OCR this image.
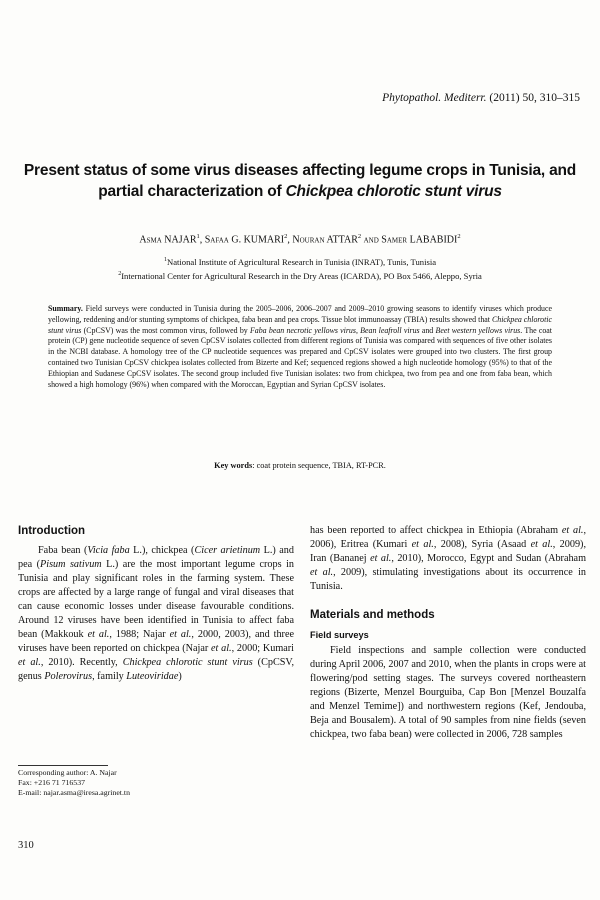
Phytopathol. Mediterr. (2011) 50, 310–315
Present status of some virus diseases affecting legume crops in Tunisia, and partial characterization of Chickpea chlorotic stunt virus
Asma NAJAR$^1$, Safaa G. KUMARI$^2$, Nouran ATTAR$^2$ and Samer LABABIDI$^2$
$^1$National Institute of Agricultural Research in Tunisia (INRAT), Tunis, Tunisia
$^2$International Center for Agricultural Research in the Dry Areas (ICARDA), PO Box 5466, Aleppo, Syria
Summary. Field surveys were conducted in Tunisia during the 2005–2006, 2006–2007 and 2009–2010 growing seasons to identify viruses which produce yellowing, reddening and/or stunting symptoms of chickpea, faba bean and pea crops. Tissue blot immunoassay (TBIA) results showed that Chickpea chlorotic stunt virus (CpCSV) was the most common virus, followed by Faba bean necrotic yellows virus, Bean leafroll virus and Beet western yellows virus. The coat protein (CP) gene nucleotide sequence of seven CpCSV isolates collected from different regions of Tunisia was compared with sequences of five other isolates in the NCBI database. A homology tree of the CP nucleotide sequences was prepared and CpCSV isolates were grouped into two clusters. The first group contained two Tunisian CpCSV chickpea isolates collected from Bizerte and Kef; sequenced regions showed a high nucleotide homology (95%) to that of the Ethiopian and Sudanese CpCSV isolates. The second group included five Tunisian isolates: two from chickpea, two from pea and one from faba bean, which showed a high homology (96%) when compared with the Moroccan, Egyptian and Syrian CpCSV isolates.
Key words: coat protein sequence, TBIA, RT-PCR.
Introduction

Faba bean (Vicia faba L.), chickpea (Cicer arietinum L.) and pea (Pisum sativum L.) are the most important legume crops in Tunisia and play significant roles in the farming system. These crops are affected by a large range of fungal and viral diseases that can cause economic losses under disease favourable conditions. Around 12 viruses have been identified in Tunisia to affect faba bean (Makkouk et al., 1988; Najar et al., 2000, 2003), and three viruses have been reported on chickpea (Najar et al., 2000; Kumari et al., 2010). Recently, Chickpea chlorotic stunt virus (CpCSV, genus Polerovirus, family Luteoviridae)

has been reported to affect chickpea in Ethiopia (Abraham et al., 2006), Eritrea (Kumari et al., 2008), Syria (Asaad et al., 2009), Iran (Bananej et al., 2010), Morocco, Egypt and Sudan (Abraham et al., 2009), stimulating investigations about its occurrence in Tunisia.

Materials and methods
Field surveys

Field inspections and sample collection were conducted during April 2006, 2007 and 2010, when the plants in crops were at flowering/pod setting stages. The surveys covered northeastern regions (Bizerte, Menzel Bourguiba, Cap Bon [Menzel Bouzalfa and Menzel Temime]) and northwestern regions (Kef, Jendouba, Beja and Bousalem). A total of 90 samples from nine fields (seven chickpea, two faba bean) were collected in 2006, 728 samples

Corresponding author: A. Najar
Fax: +216 71 716537
E-mail: najar.asma@iresa.agrinet.tn
310
